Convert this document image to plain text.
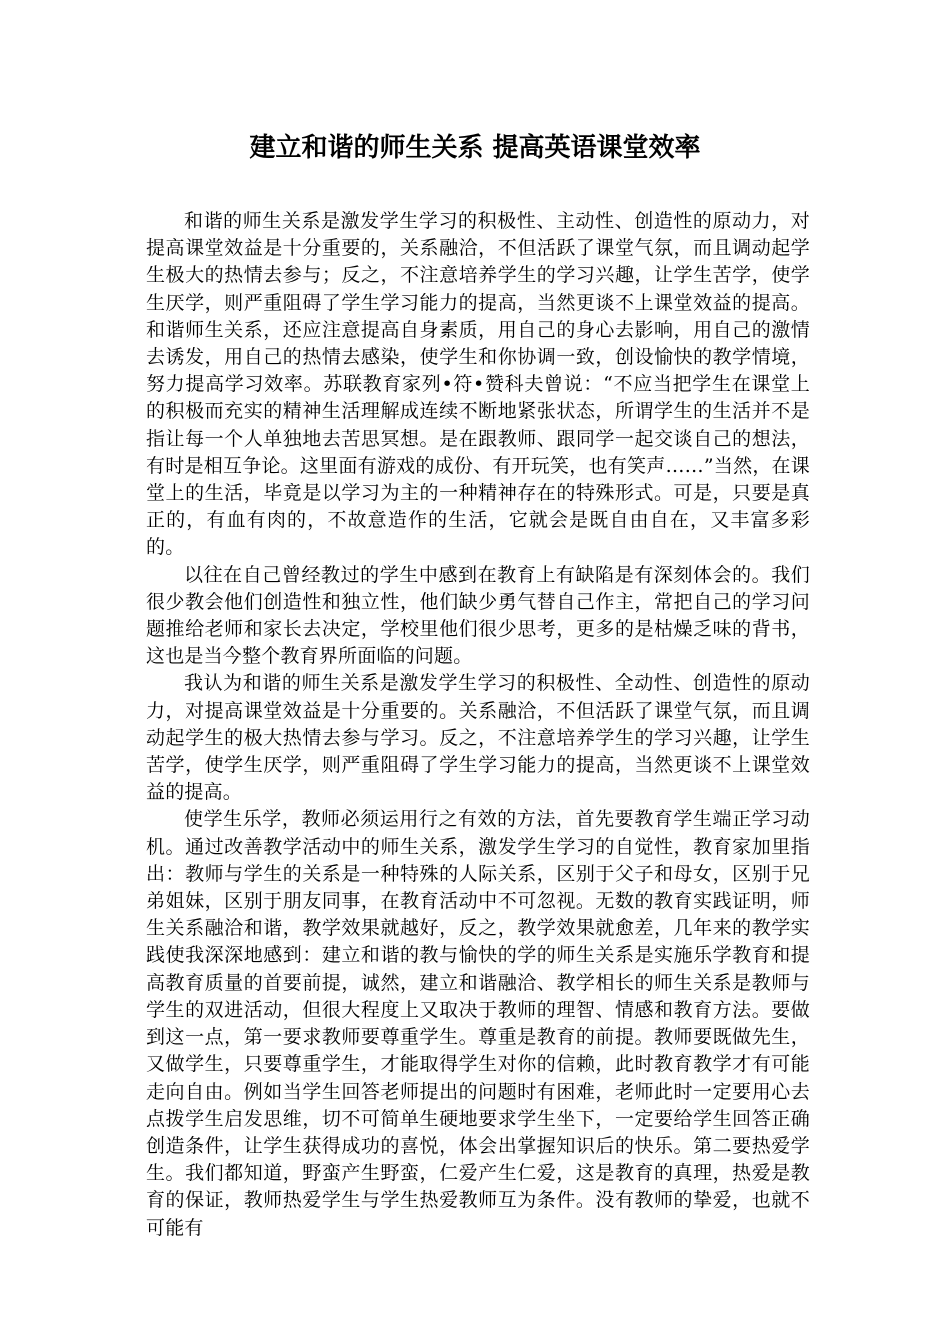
建立和谐的师生关系 提高英语课堂效率

和谐的师生关系是激发学生学习的积极性、主动性、创造性的原动力，对提高课堂效益是十分重要的，关系融洽，不但活跃了课堂气氛，而且调动起学生极大的热情去参与；反之，不注意培养学生的学习兴趣，让学生苦学，使学生厌学，则严重阻碍了学生学习能力的提高，当然更谈不上课堂效益的提高。和谐师生关系，还应注意提高自身素质，用自己的身心去影响，用自己的激情去诱发，用自己的热情去感染，使学生和你协调一致，创设愉快的教学情境，努力提高学习效率。苏联教育家列•符•赞科夫曾说：“不应当把学生在课堂上的积极而充实的精神生活理解成连续不断地紧张状态，所谓学生的生活并不是指让每一个人单独地去苦思冥想。是在跟教师、跟同学一起交谈自己的想法，有时是相互争论。这里面有游戏的成份、有开玩笑，也有笑声……”当然，在课堂上的生活，毕竟是以学习为主的一种精神存在的特殊形式。可是，只要是真正的，有血有肉的，不故意造作的生活，它就会是既自由自在，又丰富多彩的。

以往在自己曾经教过的学生中感到在教育上有缺陷是有深刻体会的。我们很少教会他们创造性和独立性，他们缺少勇气替自己作主，常把自己的学习问题推给老师和家长去决定，学校里他们很少思考，更多的是枯燥乏味的背书，这也是当今整个教育界所面临的问题。

我认为和谐的师生关系是激发学生学习的积极性、全动性、创造性的原动力，对提高课堂效益是十分重要的。关系融洽，不但活跃了课堂气氛，而且调动起学生的极大热情去参与学习。反之，不注意培养学生的学习兴趣，让学生苦学，使学生厌学，则严重阻碍了学生学习能力的提高，当然更谈不上课堂效益的提高。

使学生乐学，教师必须运用行之有效的方法，首先要教育学生端正学习动机。通过改善教学活动中的师生关系，激发学生学习的自觉性，教育家加里指出：教师与学生的关系是一种特殊的人际关系，区别于父子和母女，区别于兄弟姐妹，区别于朋友同事，在教育活动中不可忽视。无数的教育实践证明，师生关系融洽和谐，教学效果就越好，反之，教学效果就愈差，几年来的教学实践使我深深地感到：建立和谐的教与愉快的学的师生关系是实施乐学教育和提高教育质量的首要前提，诚然，建立和谐融洽、教学相长的师生关系是教师与学生的双进活动，但很大程度上又取决于教师的理智、情感和教育方法。要做到这一点，第一要求教师要尊重学生。尊重是教育的前提。教师要既做先生，又做学生，只要尊重学生，才能取得学生对你的信赖，此时教育教学才有可能走向自由。例如当学生回答老师提出的问题时有困难，老师此时一定要用心去点拨学生启发思维，切不可简单生硬地要求学生坐下，一定要给学生回答正确创造条件，让学生获得成功的喜悦，体会出掌握知识后的快乐。第二要热爱学生。我们都知道，野蛮产生野蛮，仁爱产生仁爱，这是教育的真理，热爱是教育的保证，教师热爱学生与学生热爱教师互为条件。没有教师的挚爱，也就不可能有
